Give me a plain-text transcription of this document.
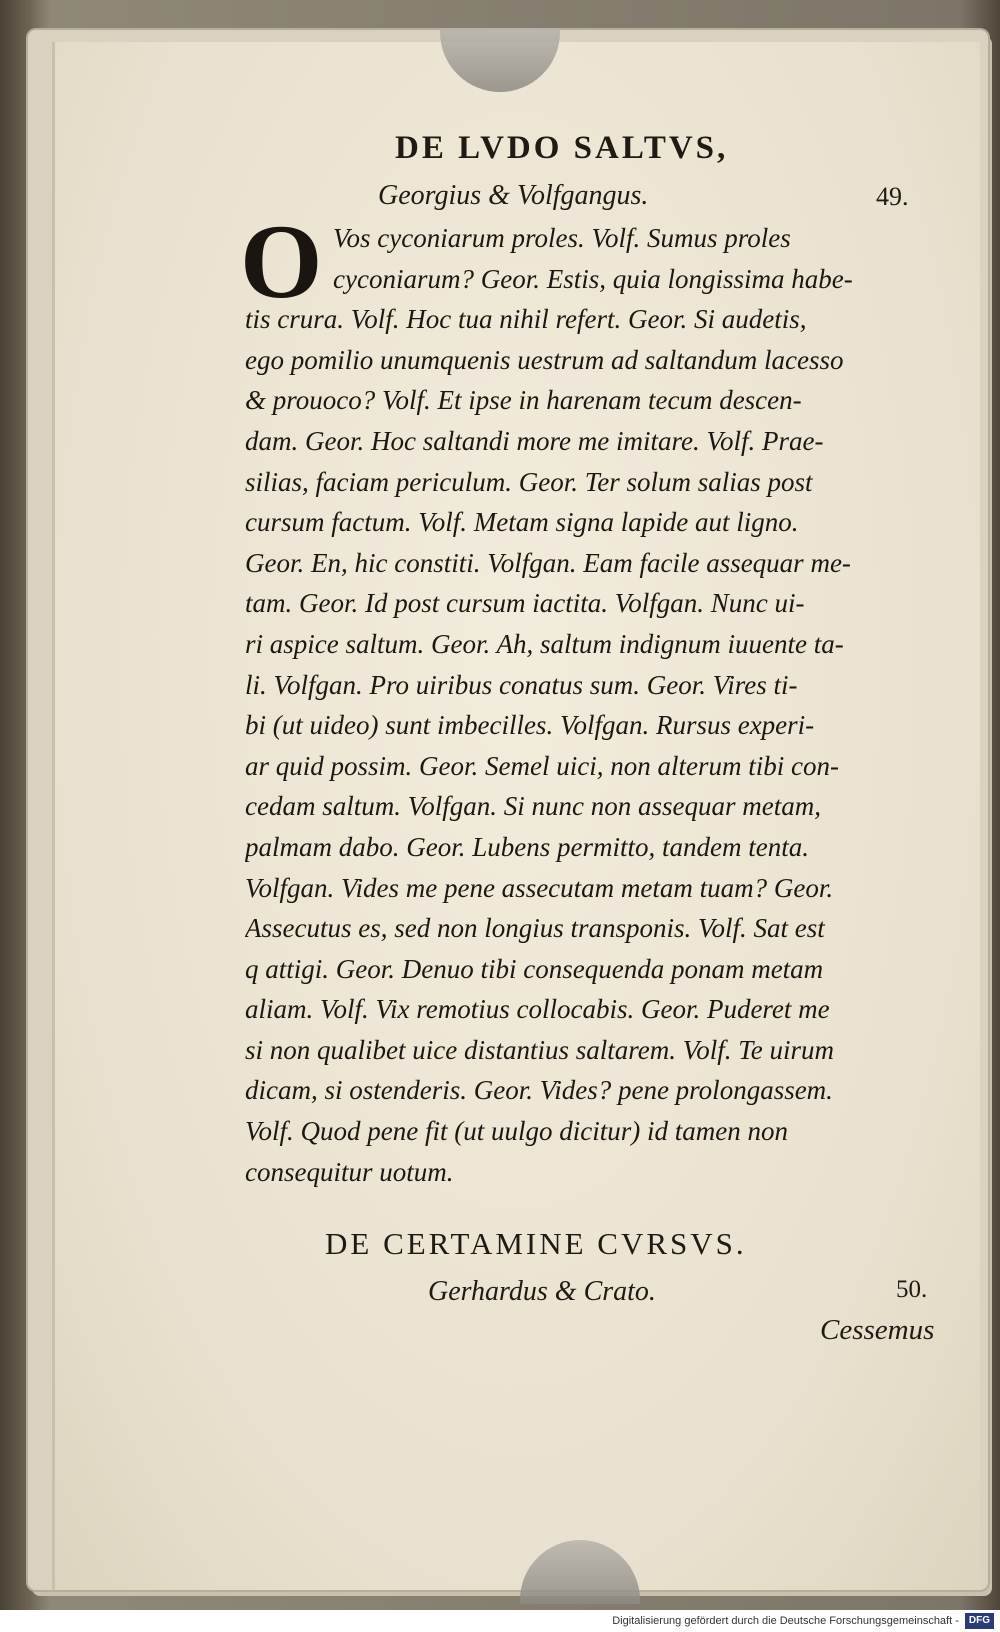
DE LVDO SALTVS,
Georgius & Volfgangus.	49.
O Vos cyconiarum proles. Volf. Sumus proles
cyconiarum? Geor. Estis, quia longissima habe-
tis crura. Volf. Hoc tua nihil refert. Geor. Si audetis,
ego pomilio unumquenis uestrum ad saltandum lacesso
& prouoco? Volf. Et ipse in harenam tecum descen-
dam. Geor. Hoc saltandi more me imitare. Volf. Prae-
silias, faciam periculum. Geor. Ter solum salias post
cursum factum. Volf. Metam signa lapide aut ligno.
Geor. En, hic constiti. Volfgan. Eam facile assequar me-
tam. Geor. Id post cursum iactita. Volfgan. Nunc ui-
ri aspice saltum. Geor. Ah, saltum indignum iuuente ta-
li. Volfgan. Pro uiribus conatus sum. Geor. Vires ti-
bi (ut uideo) sunt imbecilles. Volfgan. Rursus experi-
ar quid possim. Geor. Semel uici, non alterum tibi con-
cedam saltum. Volfgan. Si nunc non assequar metam,
palmam dabo. Geor. Lubens permitto, tandem tenta.
Volfgan. Vides me pene assecutam metam tuam? Geor.
Assecutus es, sed non longius transponis. Volf. Sat est
q attigi. Geor. Denuo tibi consequenda ponam metam
aliam. Volf. Vix remotius collocabis. Geor. Puderet me
si non qualibet uice distantius saltarem. Volf. Te uirum
dicam, si ostenderis. Geor. Vides? pene prolongassem.
Volf. Quod pene fit (ut uulgo dicitur) id tamen non
consequitur uotum.
DE CERTAMINE CVRSVS.
Gerhardus & Crato.	50.
Cessemus
Digitalisierung gefördert durch die Deutsche Forschungsgemeinschaft - DFG
